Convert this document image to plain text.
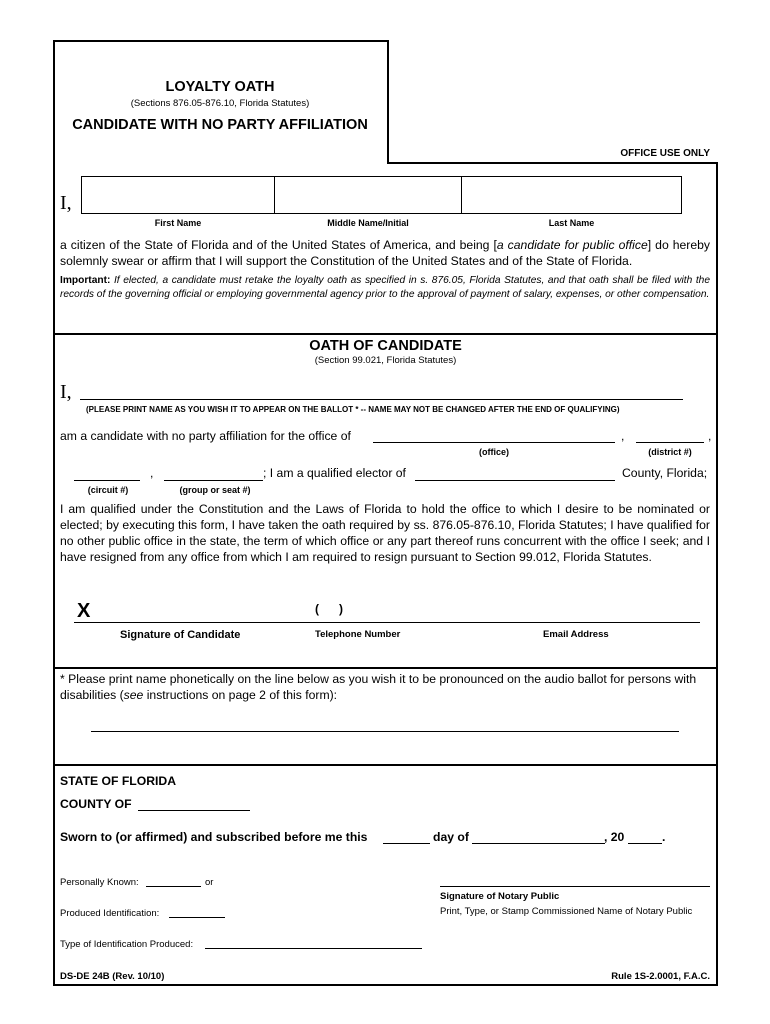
LOYALTY OATH
(Sections 876.05-876.10, Florida Statutes)
CANDIDATE WITH NO PARTY AFFILIATION
OFFICE USE ONLY
I,
First Name	Middle Name/Initial	Last Name
a citizen of the State of Florida and of the United States of America, and being [a candidate for public office] do hereby solemnly swear or affirm that I will support the Constitution of the United States and of the State of Florida.
Important: If elected, a candidate must retake the loyalty oath as specified in s. 876.05, Florida Statutes, and that oath shall be filed with the records of the governing official or employing governmental agency prior to the approval of payment of salary, expenses, or other compensation.
OATH OF CANDIDATE
(Section 99.021, Florida Statutes)
I,
(PLEASE PRINT NAME AS YOU WISH IT TO APPEAR ON THE BALLOT * -- NAME MAY NOT BE CHANGED AFTER THE END OF QUALIFYING)
am a candidate with no party affiliation for the office of	,	,
(office)	(district #)
,	; I am a qualified elector of	County, Florida;
(circuit #)	(group or seat #)
I am qualified under the Constitution and the Laws of Florida to hold the office to which I desire to be nominated or elected; by executing this form, I have taken the oath required by ss. 876.05-876.10, Florida Statutes; I have qualified for no other public office in the state, the term of which office or any part thereof runs concurrent with the office I seek; and I have resigned from any office from which I am required to resign pursuant to Section 99.012, Florida Statutes.
X	(      )
Signature of Candidate	Telephone Number	Email Address
* Please print name phonetically on the line below as you wish it to be pronounced on the audio ballot for persons with disabilities (see instructions on page 2 of this form):
STATE OF FLORIDA
COUNTY OF
Sworn to (or affirmed) and subscribed before me this	day of	, 20	.
Personally Known:	or
Produced Identification:
Type of Identification Produced:
Signature of Notary Public
Print, Type, or Stamp Commissioned Name of Notary Public
DS-DE 24B (Rev. 10/10)	Rule 1S-2.0001, F.A.C.
